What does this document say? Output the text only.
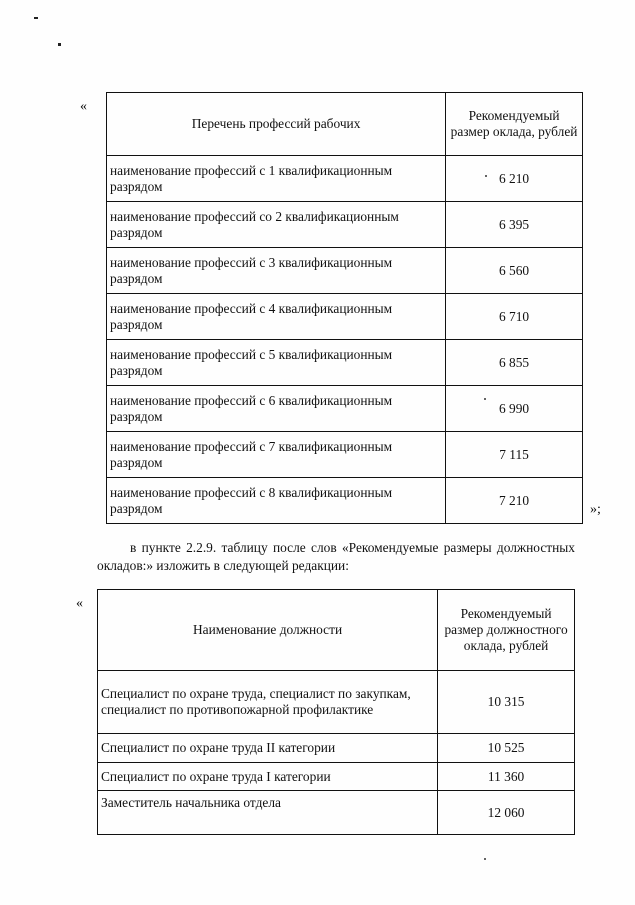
«
Перечень профессий рабочих	Рекомендуемый размер оклада, рублей
наименование профессий с 1 квалификационным разрядом	6 210
наименование профессий со 2 квалификационным разрядом	6 395
наименование профессий с 3 квалификационным разрядом	6 560
наименование профессий с 4 квалификационным разрядом	6 710
наименование профессий с 5 квалификационным разрядом	6 855
наименование профессий с 6 квалификационным разрядом	6 990
наименование профессий с 7 квалификационным разрядом	7 115
наименование профессий с 8 квалификационным разрядом	7 210
»;
в пункте 2.2.9. таблицу после слов «Рекомендуемые размеры должностных окладов:» изложить в следующей редакции:
«
Наименование должности	Рекомендуемый размер должностного оклада, рублей
Специалист по охране труда, специалист по закупкам, специалист по противопожарной профилактике	10 315
Специалист по охране труда II категории	10 525
Специалист по охране труда I категории	11 360
Заместитель начальника отдела	12 060
